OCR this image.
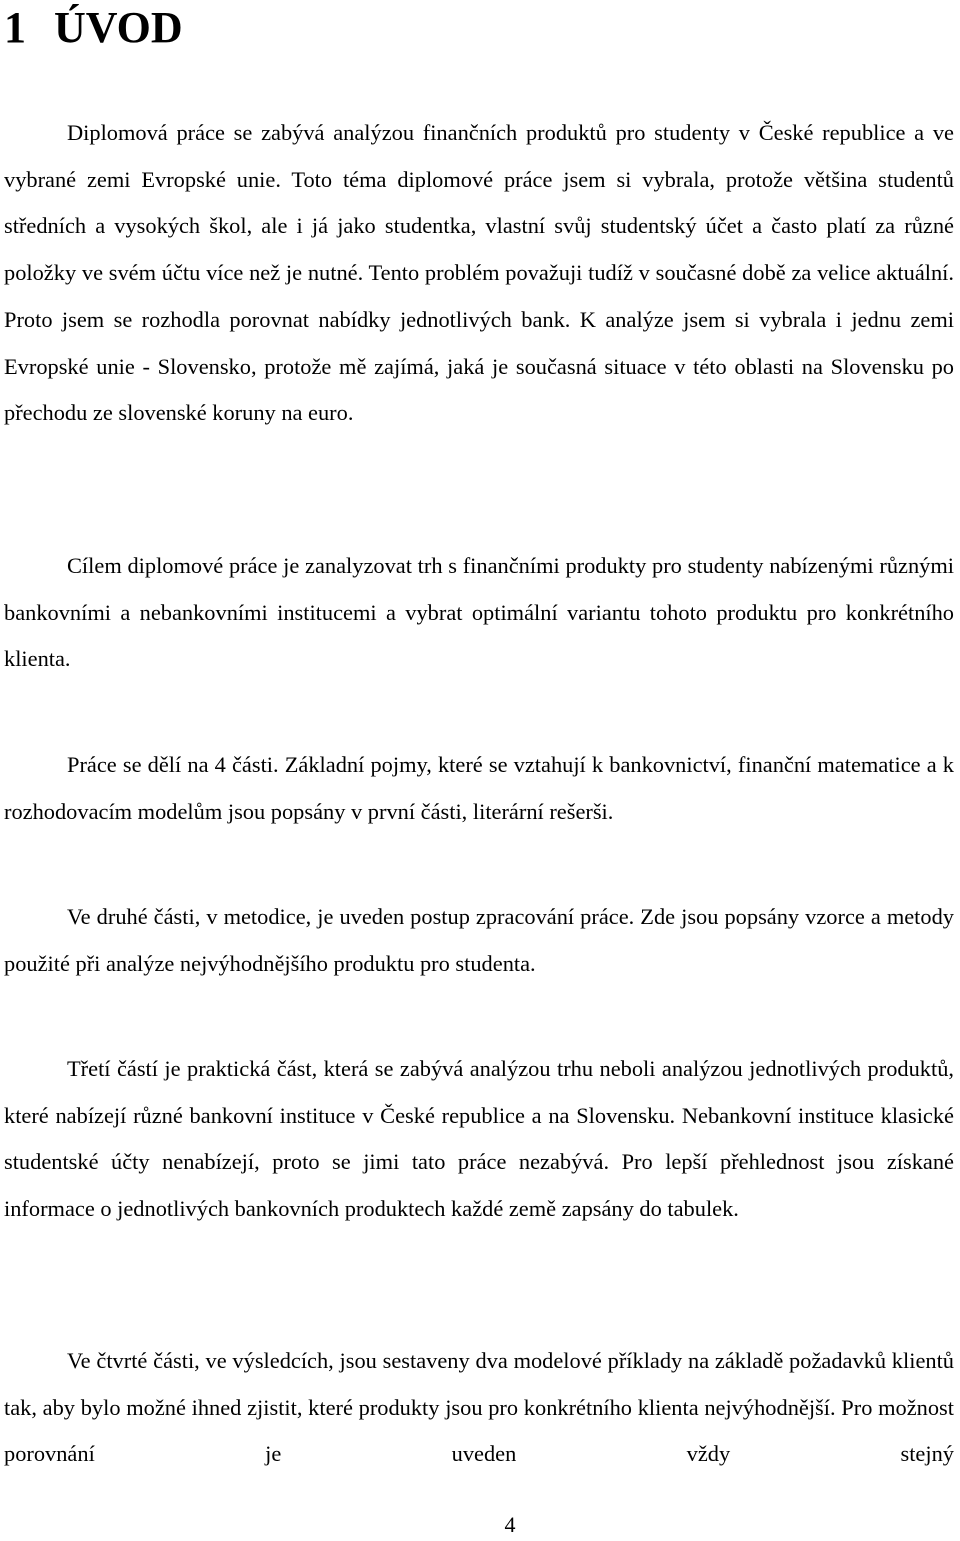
1 ÚVOD

Diplomová práce se zabývá analýzou finančních produktů pro studenty v České republice a ve vybrané zemi Evropské unie. Toto téma diplomové práce jsem si vybrala, protože většina studentů středních a vysokých škol, ale i já jako studentka, vlastní svůj studentský účet a často platí za různé položky ve svém účtu více než je nutné. Tento problém považuji tudíž v současné době za velice aktuální. Proto jsem se rozhodla porovnat nabídky jednotlivých bank. K analýze jsem si vybrala i jednu zemi Evropské unie - Slovensko, protože mě zajímá, jaká je současná situace v této oblasti na Slovensku po přechodu ze slovenské koruny na euro.

Cílem diplomové práce je zanalyzovat trh s finančními produkty pro studenty nabízenými různými bankovními a nebankovními institucemi a vybrat optimální variantu tohoto produktu pro konkrétního klienta.

Práce se dělí na 4 části. Základní pojmy, které se vztahují k bankovnictví, finanční matematice a k rozhodovacím modelům jsou popsány v první části, literární rešerši.

Ve druhé části, v metodice, je uveden postup zpracování práce. Zde jsou popsány vzorce a metody použité při analýze nejvýhodnějšího produktu pro studenta.

Třetí částí je praktická část, která se zabývá analýzou trhu neboli analýzou jednotlivých produktů, které nabízejí různé bankovní instituce v České republice a na Slovensku. Nebankovní instituce klasické studentské účty nenabízejí, proto se jimi tato práce nezabývá. Pro lepší přehlednost jsou získané informace o jednotlivých bankovních produktech každé země zapsány do tabulek.

Ve čtvrté části, ve výsledcích, jsou sestaveny dva modelové příklady na základě požadavků klientů tak, aby bylo možné ihned zjistit, které produkty jsou pro konkrétního klienta nejvýhodnější. Pro možnost porovnání je uveden vždy stejný

4
